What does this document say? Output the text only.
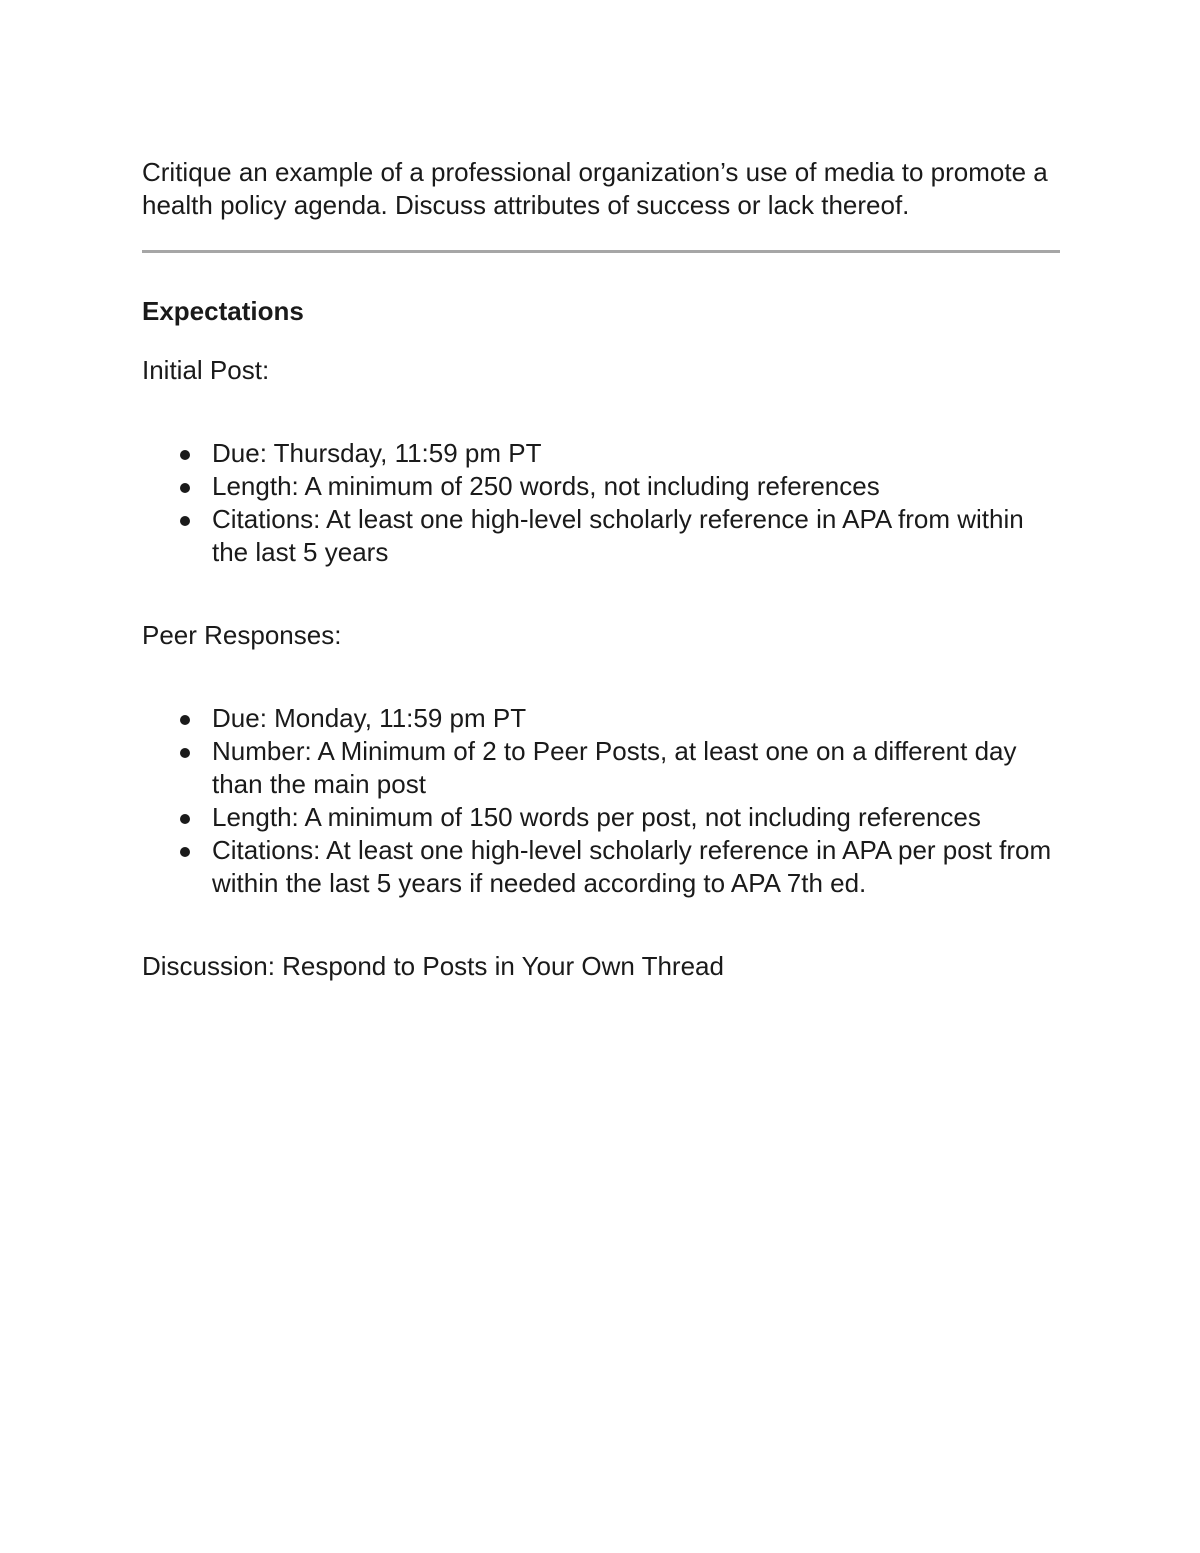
Critique an example of a professional organization’s use of media to promote a health policy agenda. Discuss attributes of success or lack thereof.

Expectations

Initial Post:

Due: Thursday, 11:59 pm PT
Length: A minimum of 250 words, not including references
Citations: At least one high-level scholarly reference in APA from within the last 5 years

Peer Responses:

Due: Monday, 11:59 pm PT
Number: A Minimum of 2 to Peer Posts, at least one on a different day than the main post
Length: A minimum of 150 words per post, not including references
Citations: At least one high-level scholarly reference in APA per post from within the last 5 years if needed according to APA 7th ed.

Discussion: Respond to Posts in Your Own Thread
